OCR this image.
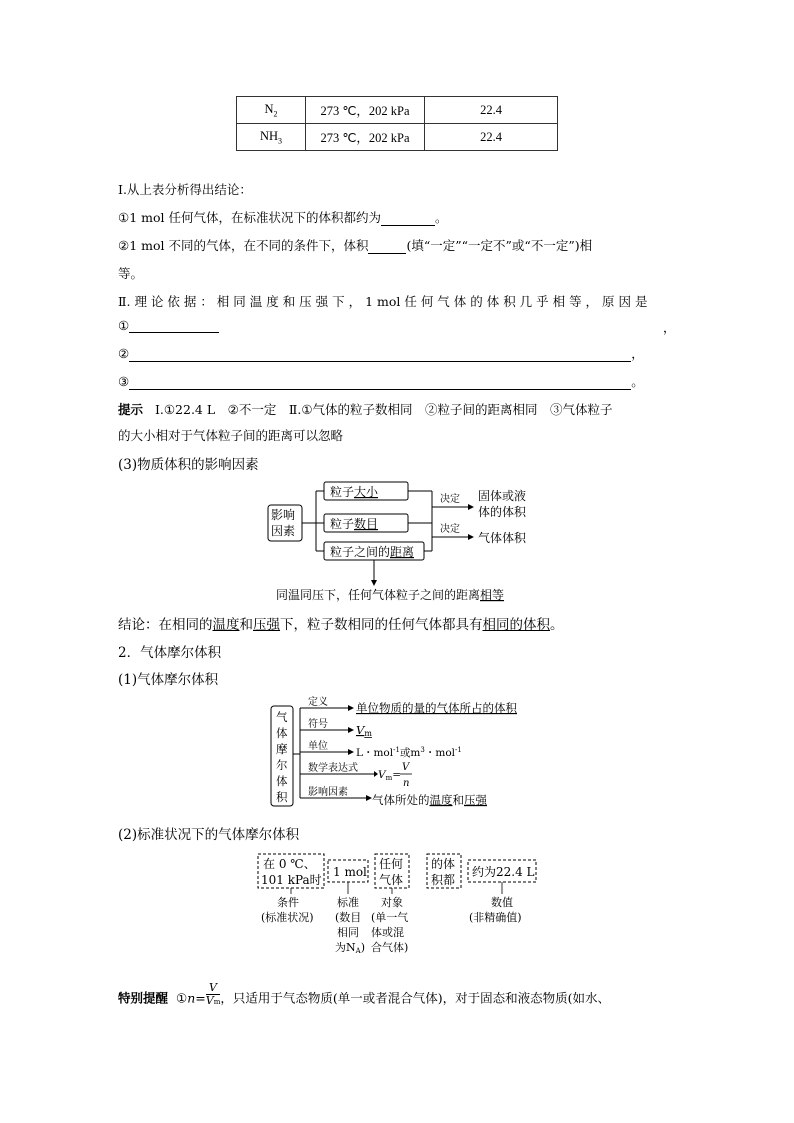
$N_2$	273 ℃，202 kPa	22.4
$NH_3$	273 ℃，202 kPa	22.4
Ⅰ.从上表分析得出结论：
①1 mol 任何气体，在标准状况下的体积都约为	。
②1 mol 不同的气体，在不同的条件下，体积	(填“一定”“一定不”或“不一定”)相
等。
Ⅱ. 理 论 依 据 ： 相 同 温 度 和 压 强 下 ， 1 mol 任 何 气 体 的 体 积 几 乎 相 等 ， 原 因 是
①	，
②	，
③	。
提示 Ⅰ.①22.4 L　②不一定　Ⅱ.①气体的粒子数相同　②粒子间的距离相同　③气体粒子
的大小相对于气体粒子间的距离可以忽略
(3)物质体积的影响因素
影响
因素
粒子大小
粒子数目
粒子之间的距离
决定
决定
固体或液
体的体积
气体体积
同温同压下，任何气体粒子之间的距离相等
结论：在相同的温度和压强下，粒子数相同的任何气体都具有相同的体积。
2．气体摩尔体积
(1)气体摩尔体积
气
体
摩
尔
体
积
定义 单位物质的量的气体所占的体积
符号 Vm
单位
L・mol$^{-1}$或$m^3$・mol$^{-1}$
数学表达式
Vm=
V
n
影响因素
气体所处的温度和压强
(2)标准状况下的气体摩尔体积
在 0 ℃、
101 kPa时
1 mol
任何
气体
的体
积都
约为22.4 L
条件
(标准状况)
标准
(数目
相同
为NA)
对象
(单一气
体或混
合气体)
数值
(非精确值)
特别提醒 ①n= $\frac{V}{Vm}$ ，只适用于气态物质(单一或者混合气体)，对于固态和液态物质(如水、
